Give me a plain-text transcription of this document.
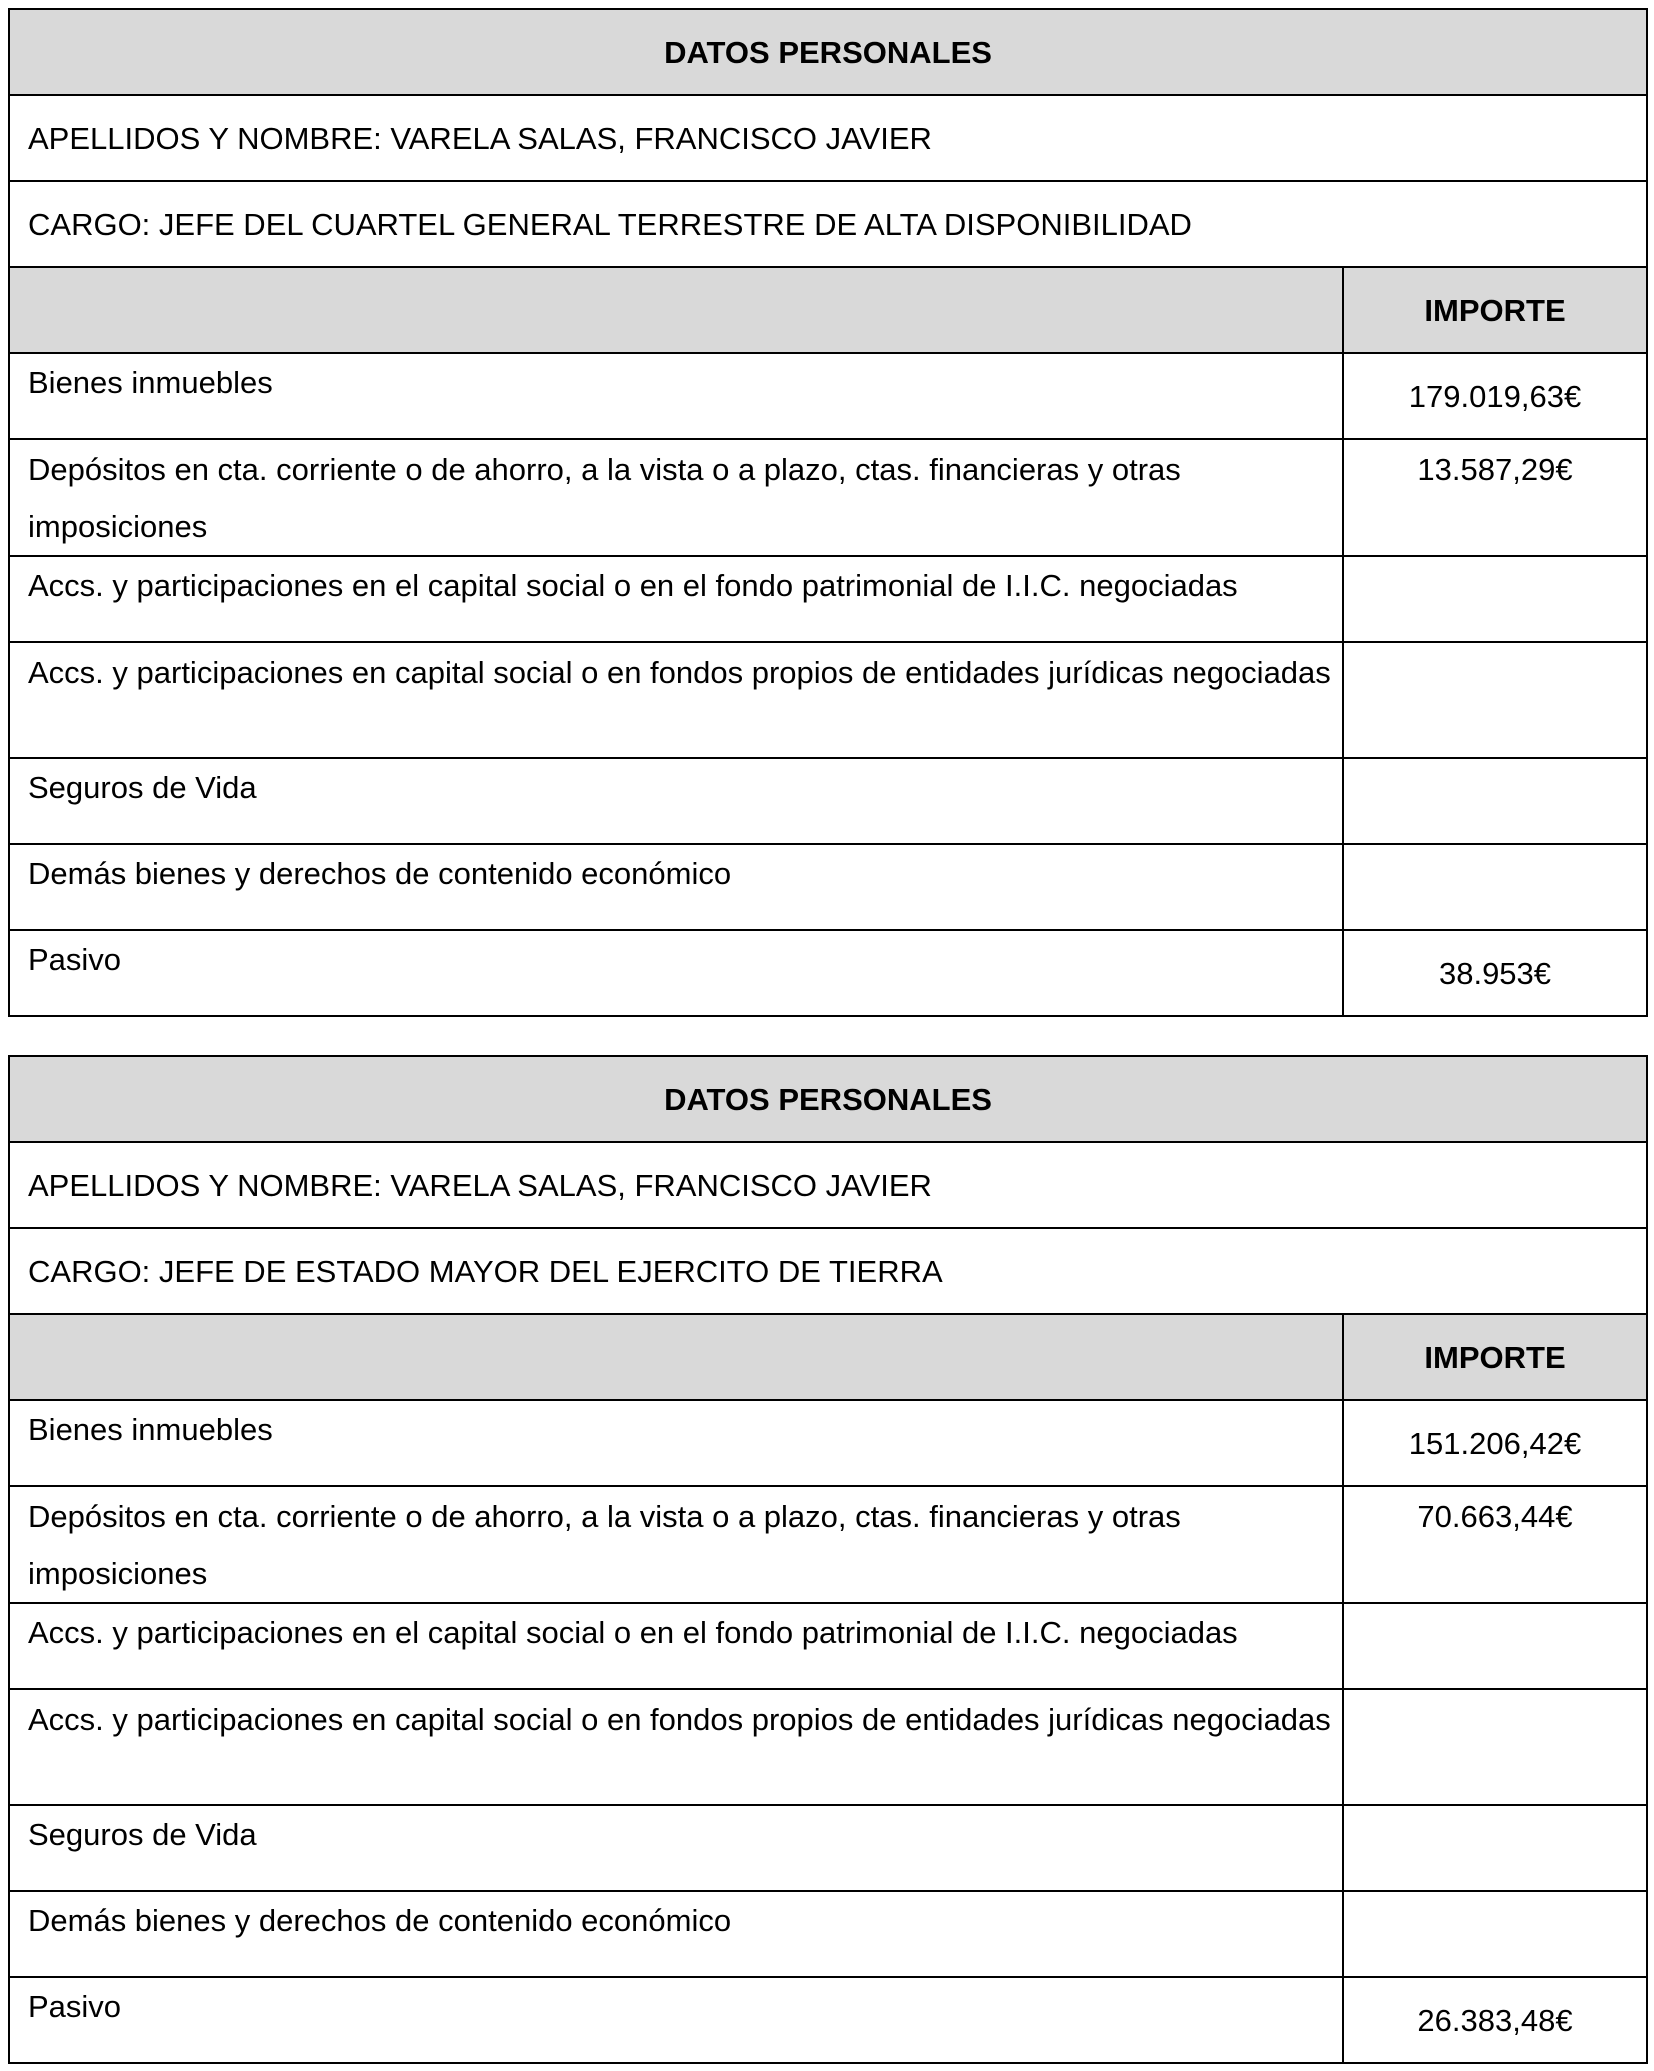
DATOS PERSONALES	
APELLIDOS Y NOMBRE: VARELA SALAS, FRANCISCO JAVIER	
CARGO: JEFE DEL CUARTEL GENERAL TERRESTRE DE ALTA DISPONIBILIDAD	
	IMPORTE
Bienes inmuebles	179.019,63€
Depósitos en cta. corriente o de ahorro, a la vista o a plazo, ctas. financieras y otras imposiciones	13.587,29€
Accs. y participaciones en el capital social o en el fondo patrimonial de I.I.C. negociadas	
Accs. y participaciones en capital social o en fondos propios de entidades jurídicas negociadas	
Seguros de Vida	
Demás bienes y derechos de contenido económico	
Pasivo	38.953€
DATOS PERSONALES	
APELLIDOS Y NOMBRE: VARELA SALAS, FRANCISCO JAVIER	
CARGO: JEFE DE ESTADO MAYOR DEL EJERCITO DE TIERRA	
	IMPORTE
Bienes inmuebles	151.206,42€
Depósitos en cta. corriente o de ahorro, a la vista o a plazo, ctas. financieras y otras imposiciones	70.663,44€
Accs. y participaciones en el capital social o en el fondo patrimonial de I.I.C. negociadas	
Accs. y participaciones en capital social o en fondos propios de entidades jurídicas negociadas	
Seguros de Vida	
Demás bienes y derechos de contenido económico	
Pasivo	26.383,48€
